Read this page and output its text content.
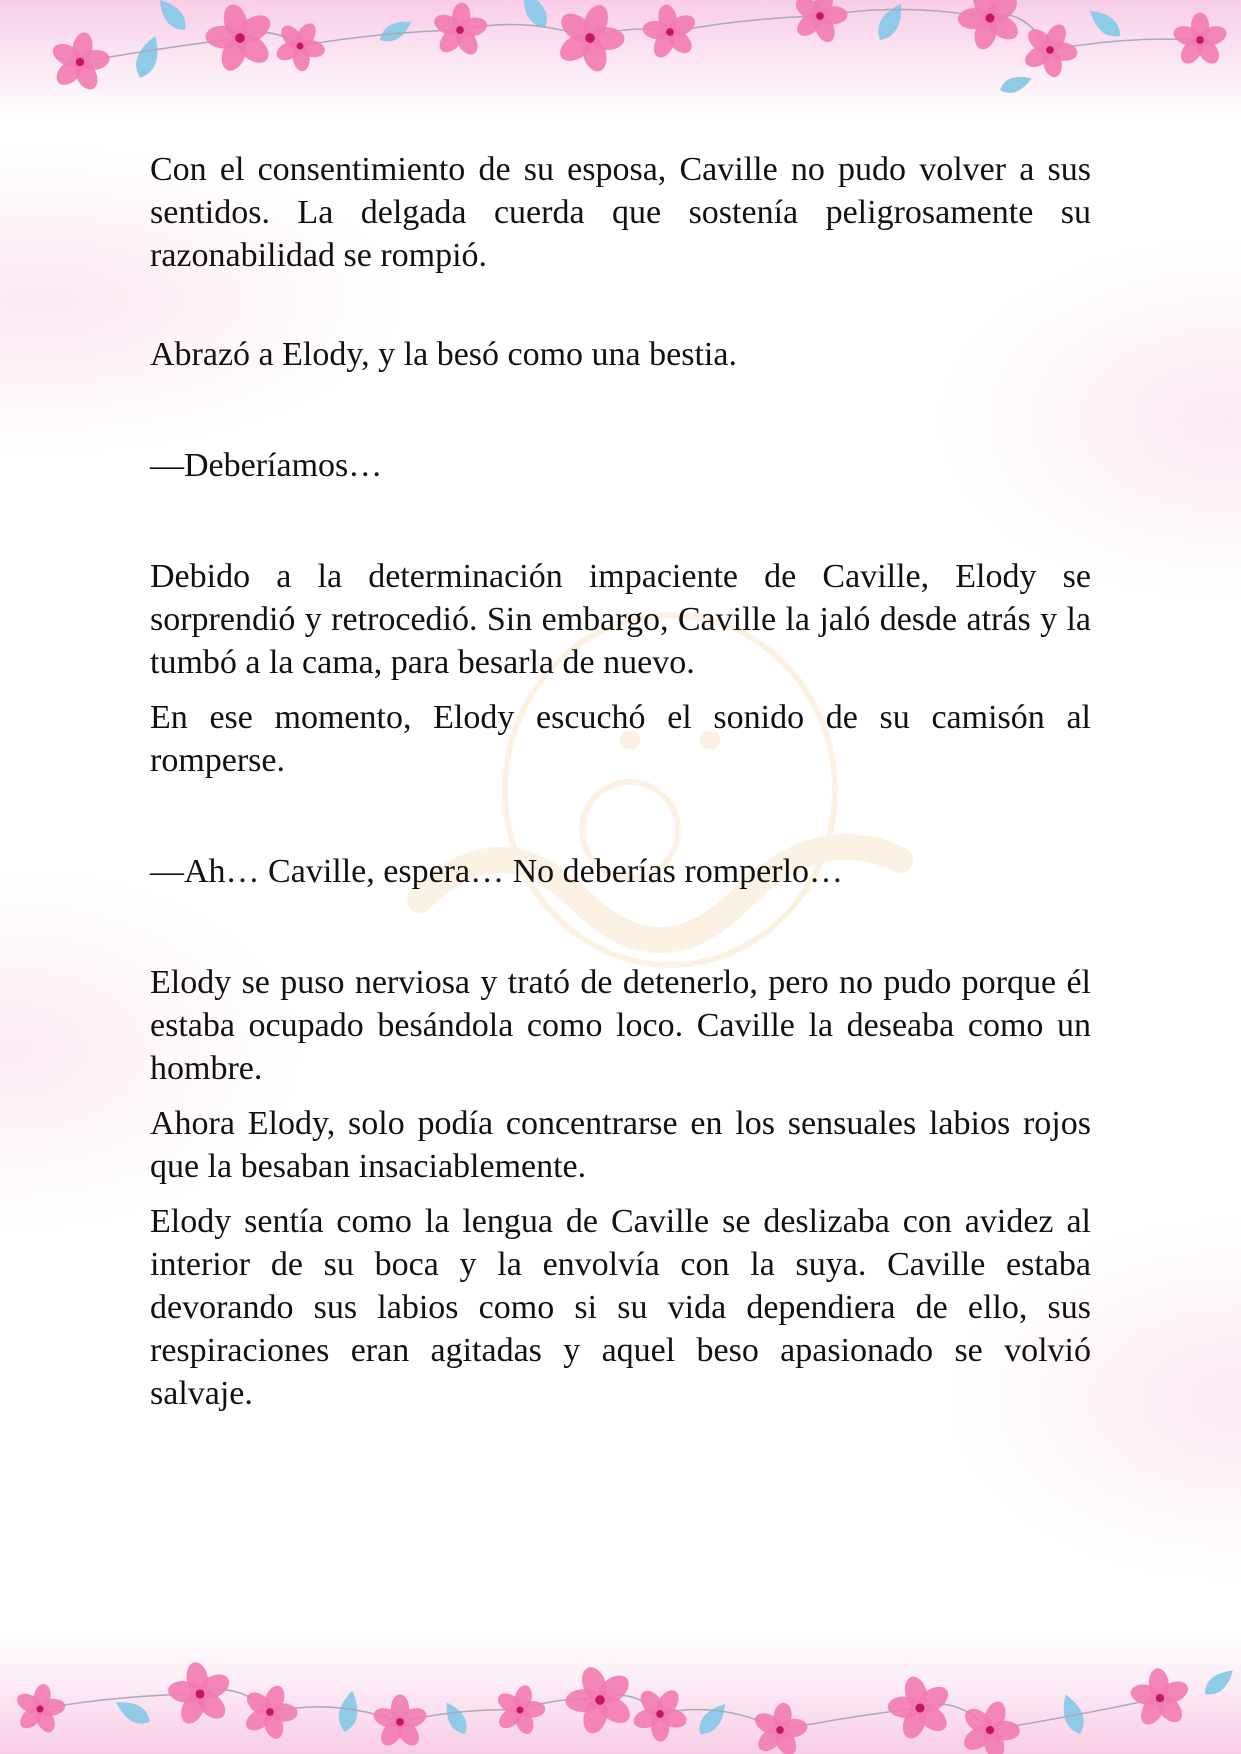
Con el consentimiento de su esposa, Caville no pudo volver a sus sentidos. La delgada cuerda que sostenía peligrosamente su razonabilidad se rompió.

Abrazó a Elody, y la besó como una bestia.

—Deberíamos…

Debido a la determinación impaciente de Caville, Elody se sorprendió y retrocedió. Sin embargo, Caville la jaló desde atrás y la tumbó a la cama, para besarla de nuevo.

En ese momento, Elody escuchó el sonido de su camisón al romperse.

—Ah… Caville, espera… No deberías romperlo…

Elody se puso nerviosa y trató de detenerlo, pero no pudo porque él estaba ocupado besándola como loco. Caville la deseaba como un hombre.

Ahora Elody, solo podía concentrarse en los sensuales labios rojos que la besaban insaciablemente.

Elody sentía como la lengua de Caville se deslizaba con avidez al interior de su boca y la envolvía con la suya. Caville estaba devorando sus labios como si su vida dependiera de ello, sus respiraciones eran agitadas y aquel beso apasionado se volvió salvaje.
